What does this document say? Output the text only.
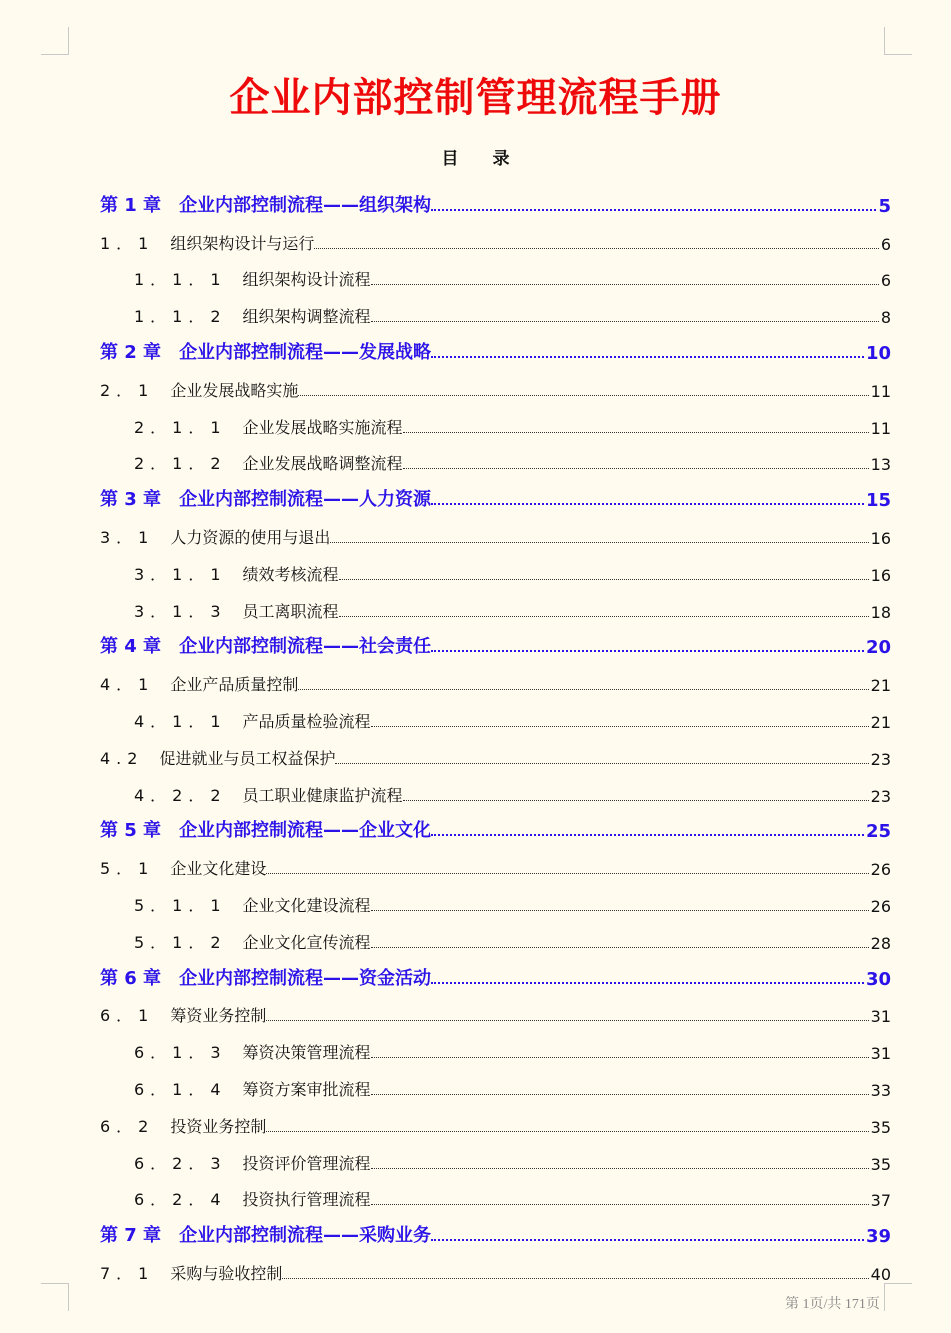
企业内部控制管理流程手册
目 录
第 1 章 企业内部控制流程——组织架构	5
1．1 组织架构设计与运行	6
1．1．1 组织架构设计流程	6
1．1．2 组织架构调整流程	8
第 2 章 企业内部控制流程——发展战略	10
2．1 企业发展战略实施	11
2．1．1 企业发展战略实施流程	11
2．1．2 企业发展战略调整流程	13
第 3 章 企业内部控制流程——人力资源	15
3．1 人力资源的使用与退出	16
3．1．1 绩效考核流程	16
3．1．3 员工离职流程	18
第 4 章 企业内部控制流程——社会责任	20
4．1 企业产品质量控制	21
4．1．1 产品质量检验流程	21
4.2 促进就业与员工权益保护	23
4．2．2 员工职业健康监护流程	23
第 5 章 企业内部控制流程——企业文化	25
5．1 企业文化建设	26
5．1．1 企业文化建设流程	26
5．1．2 企业文化宣传流程	28
第 6 章 企业内部控制流程——资金活动	30
6．1 筹资业务控制	31
6．1．3 筹资决策管理流程	31
6．1．4 筹资方案审批流程	33
6．2 投资业务控制	35
6．2．3 投资评价管理流程	35
6．2．4 投资执行管理流程	37
第 7 章 企业内部控制流程——采购业务	39
7．1 采购与验收控制	40
第 1页/共 171页
